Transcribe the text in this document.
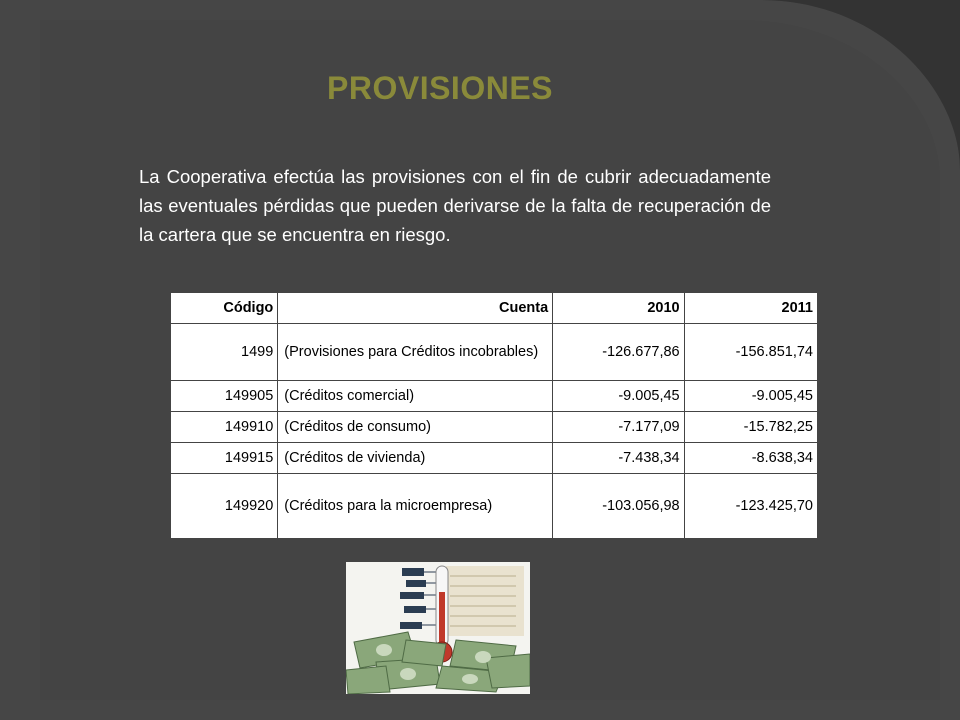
PROVISIONES
La Cooperativa efectúa las provisiones con el fin de cubrir adecuadamente las eventuales pérdidas que pueden derivarse de la falta de recuperación de la cartera que se encuentra en riesgo.
Código	Cuenta	2010	2011
1499	(Provisiones para Créditos incobrables)	-126.677,86	-156.851,74
149905	(Créditos comercial)	-9.005,45	-9.005,45
149910	(Créditos de consumo)	-7.177,09	-15.782,25
149915	(Créditos de vivienda)	-7.438,34	-8.638,34
149920	(Créditos para la microempresa)	-103.056,98	-123.425,70
